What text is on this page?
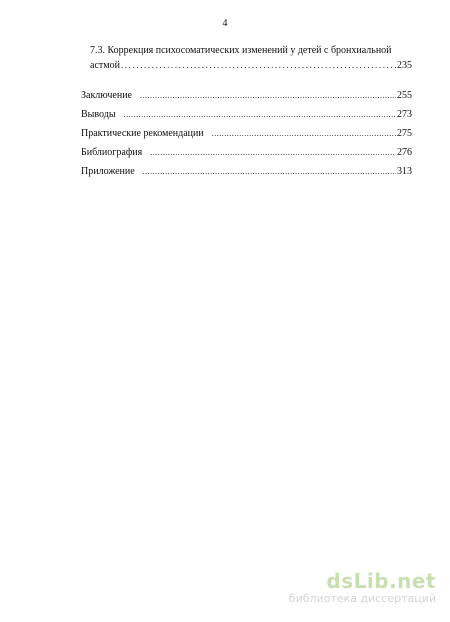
4
7.3. Коррекция психосоматических изменений у детей с бронхиальной
астмой .....	235
Заключение .....	255
Выводы .....	273
Практические рекомендации .....	275
Библиография .....	276
Приложение .....	313
dsLib.net
библиотека диссертаций
